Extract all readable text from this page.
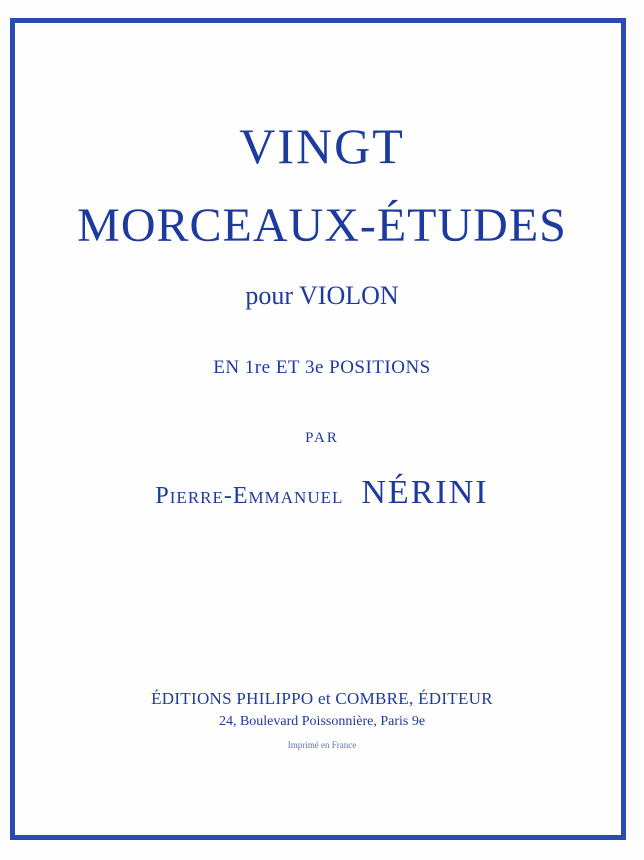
VINGT
MORCEAUX-ÉTUDES
pour VIOLON
EN 1re ET 3e POSITIONS
PAR
Pierre-Emmanuel NÉRINI
ÉDITIONS PHILIPPO et COMBRE, ÉDITEUR
24, Boulevard Poissonnière, Paris 9e
Imprimé en France
